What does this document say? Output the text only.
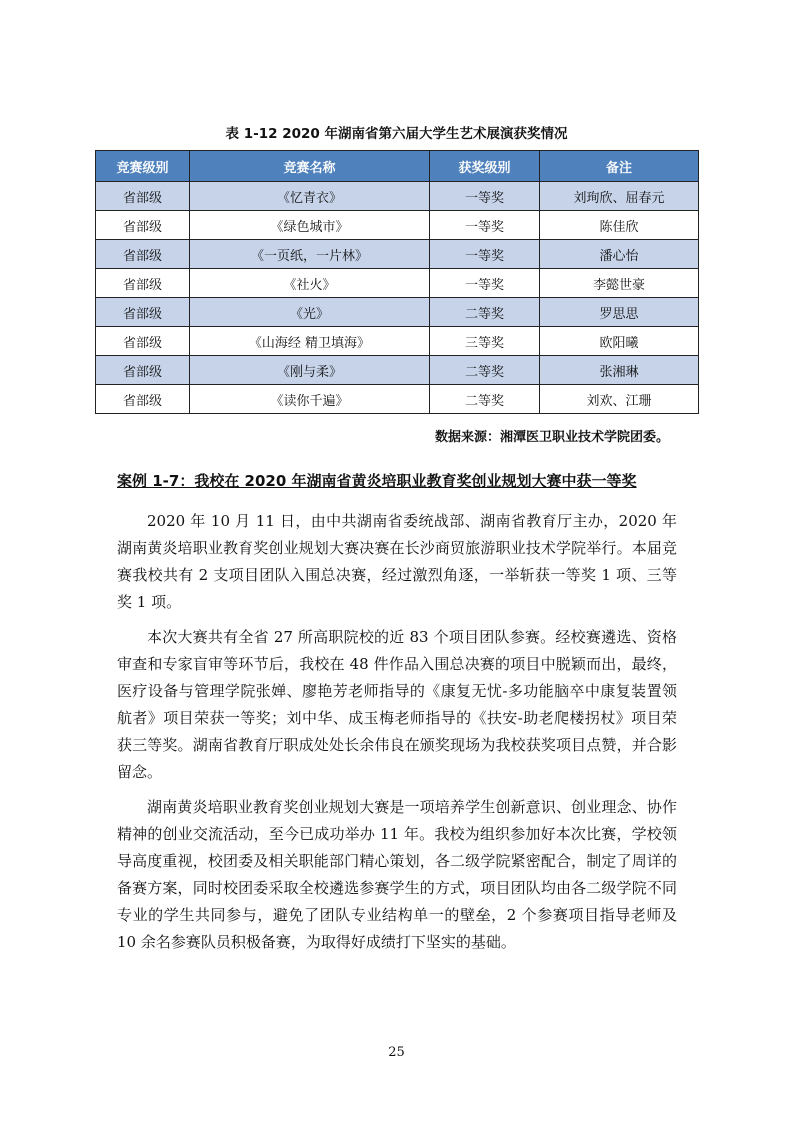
表 1-12 2020 年湖南省第六届大学生艺术展演获奖情况
竞赛级别	竞赛名称	获奖级别	备注
省部级	《忆青衣》	一等奖	刘珣欣、屈春元
省部级	《绿色城市》	一等奖	陈佳欣
省部级	《一页纸，一片林》	一等奖	潘心怡
省部级	《社火》	一等奖	李懿世豪
省部级	《光》	二等奖	罗思思
省部级	《山海经 精卫填海》	三等奖	欧阳曦
省部级	《刚与柔》	二等奖	张湘琳
省部级	《读你千遍》	二等奖	刘欢、江珊
数据来源：湘潭医卫职业技术学院团委。
案例 1-7：我校在 2020 年湖南省黄炎培职业教育奖创业规划大赛中获一等奖

2020 年 10 月 11 日，由中共湖南省委统战部、湖南省教育厅主办，2020 年湖南黄炎培职业教育奖创业规划大赛决赛在长沙商贸旅游职业技术学院举行。本届竞赛我校共有 2 支项目团队入围总决赛，经过激烈角逐，一举斩获一等奖 1 项、三等奖 1 项。

本次大赛共有全省 27 所高职院校的近 83 个项目团队参赛。经校赛遴选、资格审查和专家盲审等环节后，我校在 48 件作品入围总决赛的项目中脱颖而出，最终，医疗设备与管理学院张婵、廖艳芳老师指导的《康复无忧-多功能脑卒中康复装置领航者》项目荣获一等奖；刘中华、成玉梅老师指导的《扶安-助老爬楼拐杖》项目荣获三等奖。湖南省教育厅职成处处长余伟良在颁奖现场为我校获奖项目点赞，并合影留念。

湖南黄炎培职业教育奖创业规划大赛是一项培养学生创新意识、创业理念、协作精神的创业交流活动，至今已成功举办 11 年。我校为组织参加好本次比赛，学校领导高度重视，校团委及相关职能部门精心策划，各二级学院紧密配合，制定了周详的备赛方案，同时校团委采取全校遴选参赛学生的方式，项目团队均由各二级学院不同专业的学生共同参与，避免了团队专业结构单一的壁垒，2 个参赛项目指导老师及 10 余名参赛队员积极备赛，为取得好成绩打下坚实的基础。

25
